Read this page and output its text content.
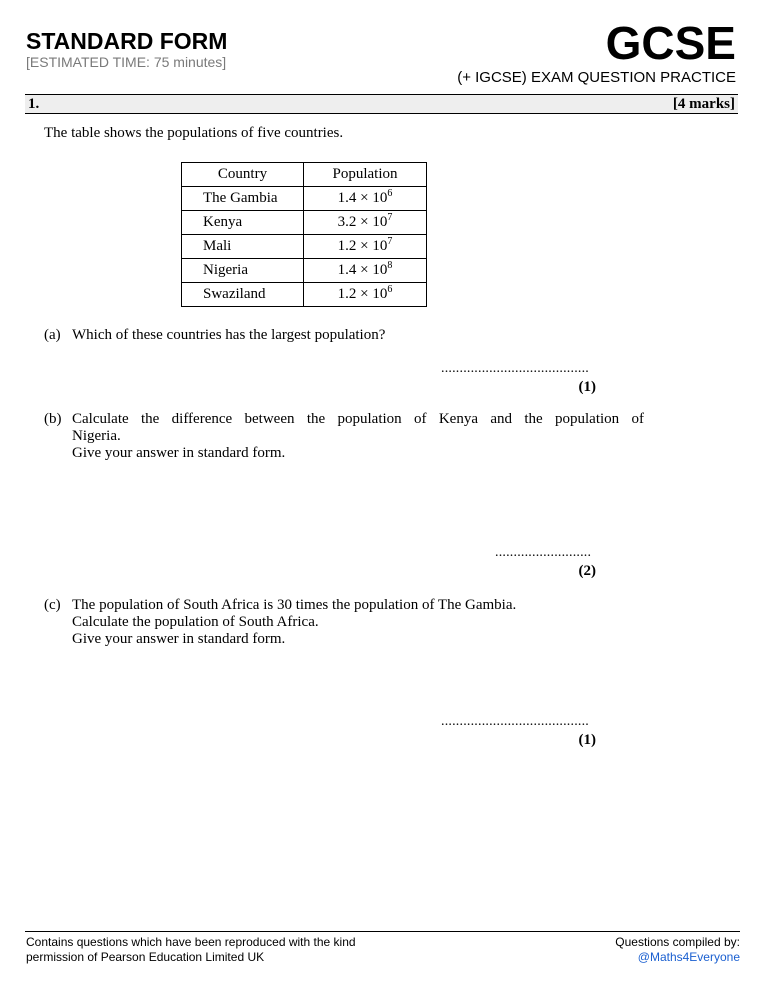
STANDARD FORM
[ESTIMATED TIME: 75 minutes]	GCSE
(+ IGCSE) EXAM QUESTION PRACTICE
1.	[4 marks]
The table shows the populations of five countries.
Country	Population
The Gambia	$1.4 \times 10^6$
Kenya	$3.2 \times 10^7$
Mali	$1.2 \times 10^7$
Nigeria	$1.4 \times 10^8$
Swaziland	$1.2 \times 10^6$
(a) Which of these countries has the largest population?
........................................
(1)
(b) Calculate the difference between the population of Kenya and the population of
Nigeria.
Give your answer in standard form.
..........................
(2)
(c) The population of South Africa is 30 times the population of The Gambia.
Calculate the population of South Africa.
Give your answer in standard form.
........................................
(1)
Contains questions which have been reproduced with the kind
permission of Pearson Education Limited UK
Questions compiled by:
@Maths4Everyone
